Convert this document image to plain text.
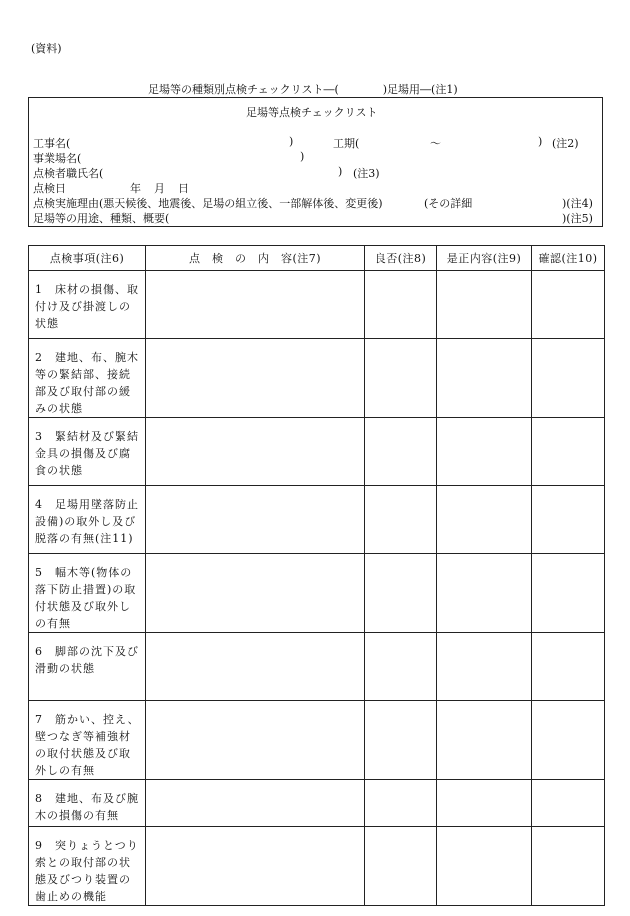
(資料)
足場等の種類別点検チェックリスト―(　　　　)足場用―(注1)
足場等点検チェックリスト
工事名(	)	工期(	～	) (注2)
事業場名(	)
点検者職氏名(	) (注3)
点検日	年 月 日
点検実施理由(悪天候後、地震後、足場の組立後、一部解体後、変更後)	(その詳細	)(注4)
足場等の用途、種類、概要(	)(注5)
点検事項(注6)	点　検　の　内　容(注7)	良否(注8)	是正内容(注9)	確認(注10)
1　床材の損傷、取付け及び掛渡しの状態				
2　建地、布、腕木等の緊結部、接続部及び取付部の緩みの状態				
3　緊結材及び緊結金具の損傷及び腐食の状態				
4　足場用墜落防止設備)の取外し及び脱落の有無(注11)				
5　幅木等(物体の落下防止措置)の取付状態及び取外しの有無				
6　脚部の沈下及び滑動の状態				
7　筋かい、控え、壁つなぎ等補強材の取付状態及び取外しの有無				
8　建地、布及び腕木の損傷の有無				
9　突りょうとつり索との取付部の状態及びつり装置の歯止めの機能				
